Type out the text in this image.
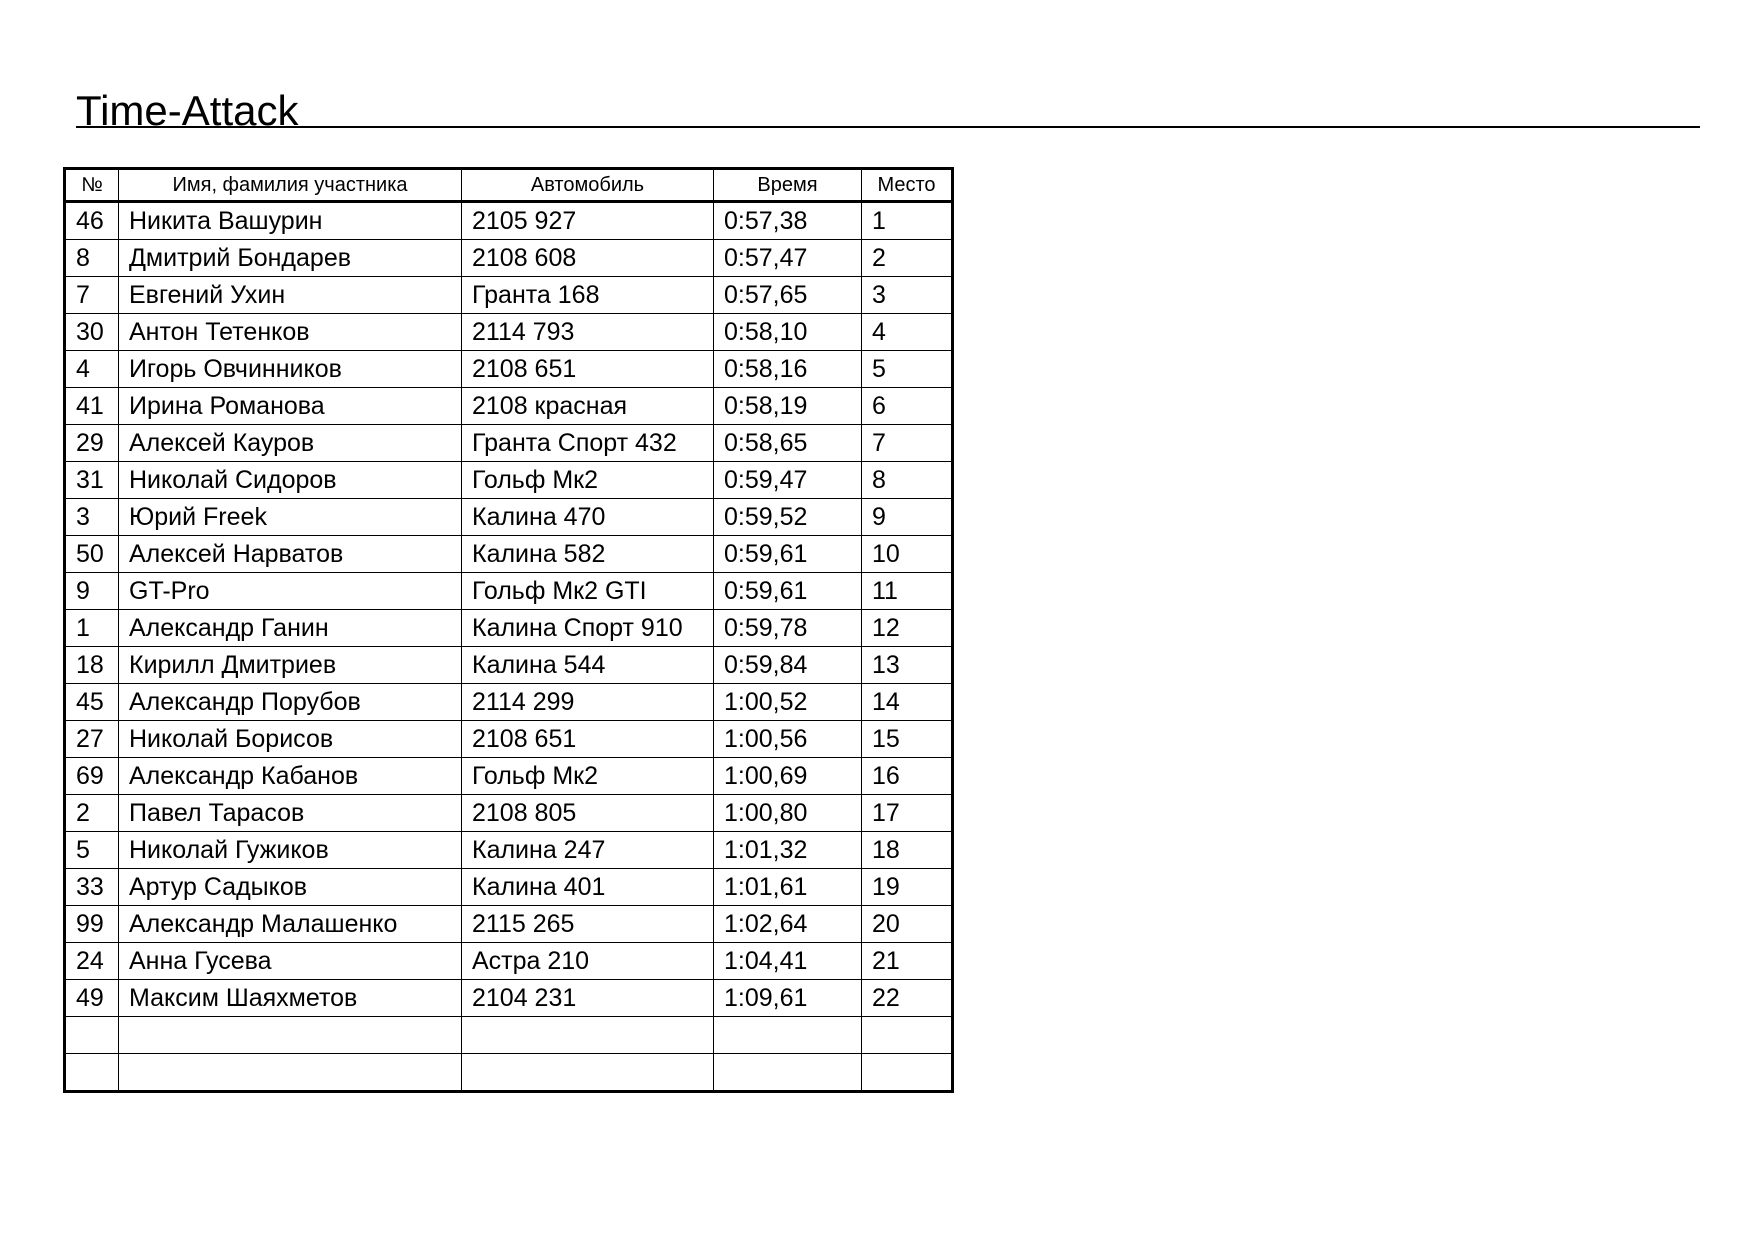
Time-Attack
№	Имя, фамилия участника	Автомобиль	Время	Место
46	Никита Вашурин	2105 927	0:57,38	1
8	Дмитрий Бондарев	2108 608	0:57,47	2
7	Евгений Ухин	Гранта 168	0:57,65	3
30	Антон Тетенков	2114 793	0:58,10	4
4	Игорь Овчинников	2108 651	0:58,16	5
41	Ирина Романова	2108 красная	0:58,19	6
29	Алексей Кауров	Гранта Спорт 432	0:58,65	7
31	Николай Сидоров	Гольф Мк2	0:59,47	8
3	Юрий Freek	Калина 470	0:59,52	9
50	Алексей Нарватов	Калина 582	0:59,61	10
9	GT-Pro	Гольф Мк2 GTI	0:59,61	11
1	Александр Ганин	Калина Спорт 910	0:59,78	12
18	Кирилл Дмитриев	Калина 544	0:59,84	13
45	Александр Порубов	2114 299	1:00,52	14
27	Николай Борисов	2108 651	1:00,56	15
69	Александр Кабанов	Гольф Мк2	1:00,69	16
2	Павел Тарасов	2108 805	1:00,80	17
5	Николай Гужиков	Калина 247	1:01,32	18
33	Артур Садыков	Калина 401	1:01,61	19
99	Александр Малашенко	2115 265	1:02,64	20
24	Анна Гусева	Астра 210	1:04,41	21
49	Максим Шаяхметов	2104 231	1:09,61	22
